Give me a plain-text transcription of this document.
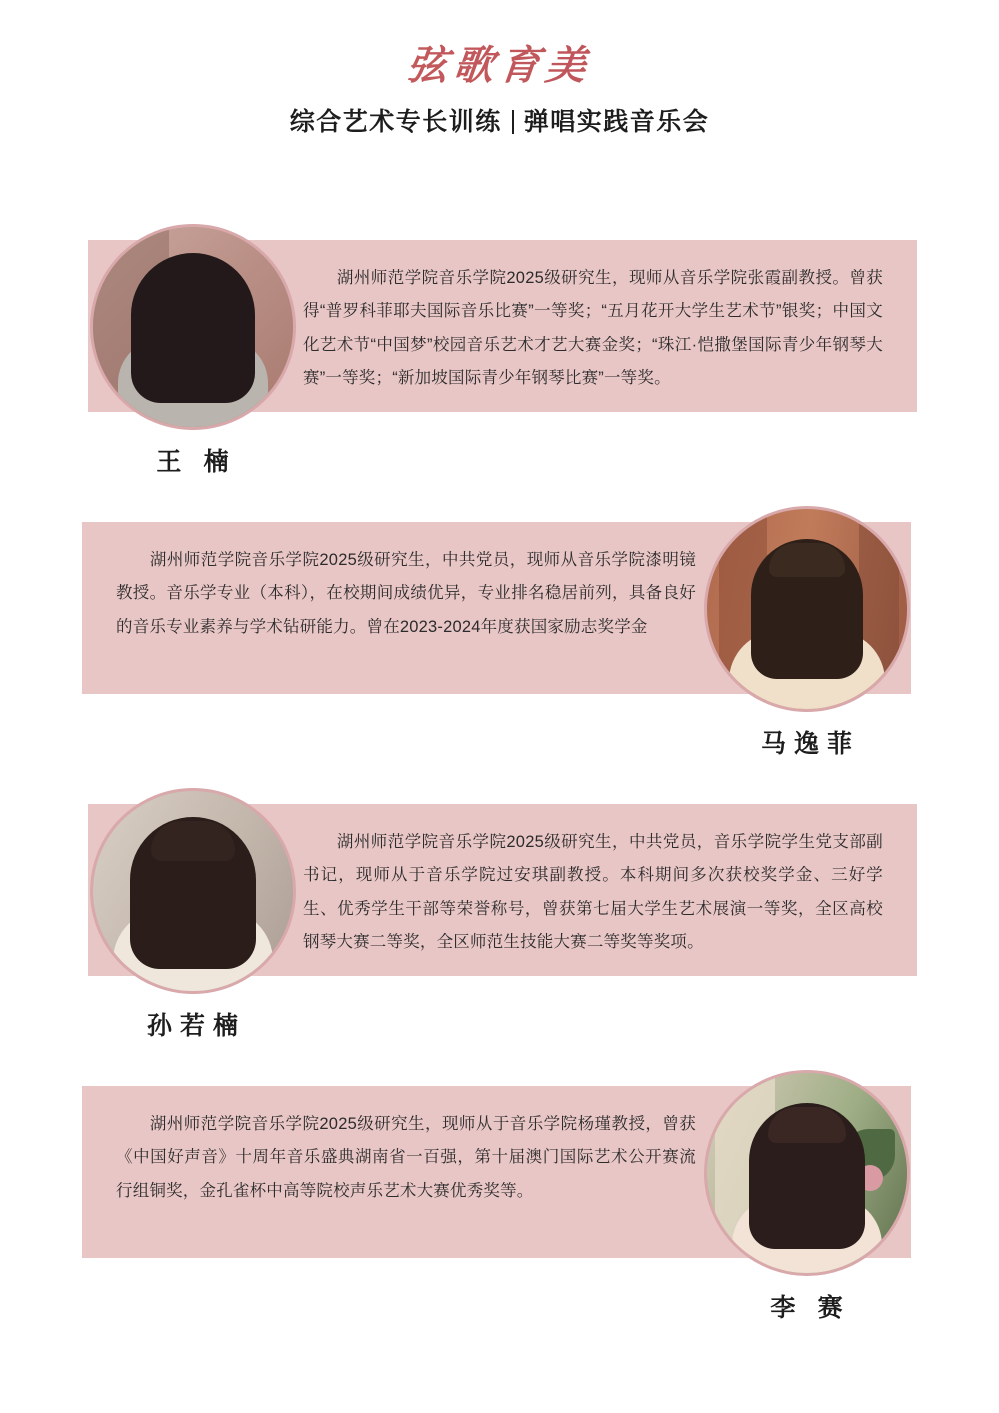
弦歌育美
综合艺术专长训练 弹唱实践音乐会
　　湖州师范学院音乐学院2025级研究生，现师从音乐学院张霞副教授。曾获得“普罗科菲耶夫国际音乐比赛”一等奖；“五月花开大学生艺术节”银奖；中国文化艺术节“中国梦”校园音乐艺术才艺大赛金奖；“珠江·恺撒堡国际青少年钢琴大赛”一等奖；“新加坡国际青少年钢琴比赛”一等奖。
王 楠
　　湖州师范学院音乐学院2025级研究生，中共党员，现师从音乐学院漆明镜教授。音乐学专业（本科），在校期间成绩优异，专业排名稳居前列，具备良好的音乐专业素养与学术钻研能力。曾在2023-2024年度获国家励志奖学金
马逸菲
　　湖州师范学院音乐学院2025级研究生，中共党员，音乐学院学生党支部副书记，现师从于音乐学院过安琪副教授。本科期间多次获校奖学金、三好学生、优秀学生干部等荣誉称号，曾获第七届大学生艺术展演一等奖，全区高校钢琴大赛二等奖，全区师范生技能大赛二等奖等奖项。
孙若楠
　　湖州师范学院音乐学院2025级研究生，现师从于音乐学院杨瑾教授，曾获《中国好声音》十周年音乐盛典湖南省一百强，第十届澳门国际艺术公开赛流行组铜奖，金孔雀杯中高等院校声乐艺术大赛优秀奖等。
李 赛
